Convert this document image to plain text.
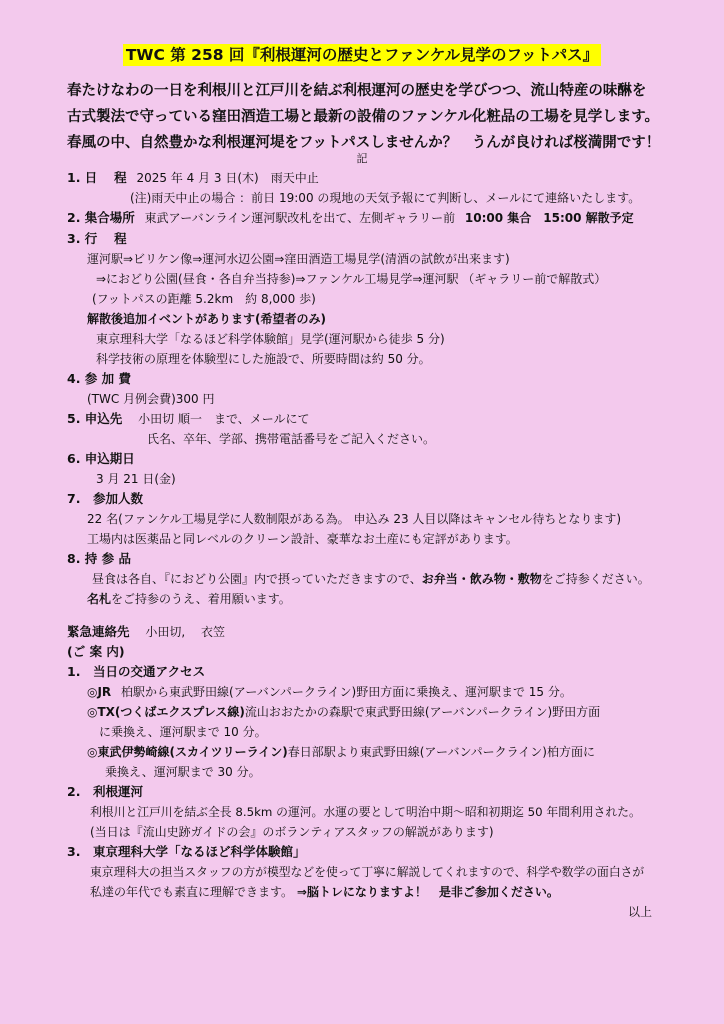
TWC 第 258 回『利根運河の歴史とファンケル見学のフットパス』
春たけなわの一日を利根川と江戸川を結ぶ利根運河の歴史を学びつつ、流山特産の味醂を
古式製法で守っている窪田酒造工場と最新の設備のファンケル化粧品の工場を見学します。
春風の中、自然豊かな利根運河堤をフットパスしませんか？　うんが良ければ桜満開です！
記
1. 日　 程 2025 年 4 月 3 日(木)　雨天中止
(注)雨天中止の場合 ：前日 19:00 の現地の天気予報にて判断し、メールにて連絡いたします。
2. 集合場所 東武アーバンライン運河駅改札を出て、左側ギャラリー前 10:00 集合　15:00 解散予定
3. 行　 程
運河駅⇒ビリケン像⇒運河水辺公園⇒窪田酒造工場見学(清酒の試飲が出来ます)
⇒におどり公園(昼食・各自弁当持参)⇒ファンケル工場見学⇒運河駅 （ギャラリー前で解散式）
(フットパスの距離 5.2km　約 8,000 歩)
解散後追加イベントがあります(希望者のみ)
東京理科大学「なるほど科学体験館」見学(運河駅から徒歩 5 分)
科学技術の原理を体験型にした施設で、所要時間は約 50 分。
4. 参 加 費
(TWC 月例会費)300 円
5. 申込先 小田切 順一　まで、メールにて
氏名、卒年、学部、携帯電話番号をご記入ください。
6. 申込期日
3 月 21 日(金)
7.　参加人数
22 名(ファンケル工場見学に人数制限がある為。 申込み 23 人目以降はキャンセル待ちとなります)
工場内は医薬品と同レベルのクリーン設計、豪華なお土産にも定評があります。
8. 持 参 品
昼食は各自、『におどり公園』内で摂っていただきますので、お弁当・飲み物・敷物をご持参ください。
名札をご持参のうえ、着用願います。
緊急連絡先 小田切,　 衣笠
(ご 案 内)
1.　当日の交通アクセス
◎JR 柏駅から東武野田線(アーバンパークライン)野田方面に乗換え、運河駅まで 15 分。
◎TX(つくばエクスプレス線)流山おおたかの森駅で東武野田線(アーバンパークライン)野田方面
に乗換え、運河駅まで 10 分。
◎東武伊勢崎線(スカイツリーライン)春日部駅より東武野田線(アーバンパークライン)柏方面に
乗換え、運河駅まで 30 分。
2.　利根運河
利根川と江戸川を結ぶ全長 8.5km の運河。水運の要として明治中期～昭和初期迄 50 年間利用された。
(当日は『流山史跡ガイドの会』のボランティアスタッフの解説があります)
3.　東京理科大学「なるほど科学体験館」
東京理科大の担当スタッフの方が模型などを使って丁寧に解説してくれますので、科学や数学の面白さが
私達の年代でも素直に理解できます。 ⇒脳トレになりますよ！　是非ご参加ください。
以上
